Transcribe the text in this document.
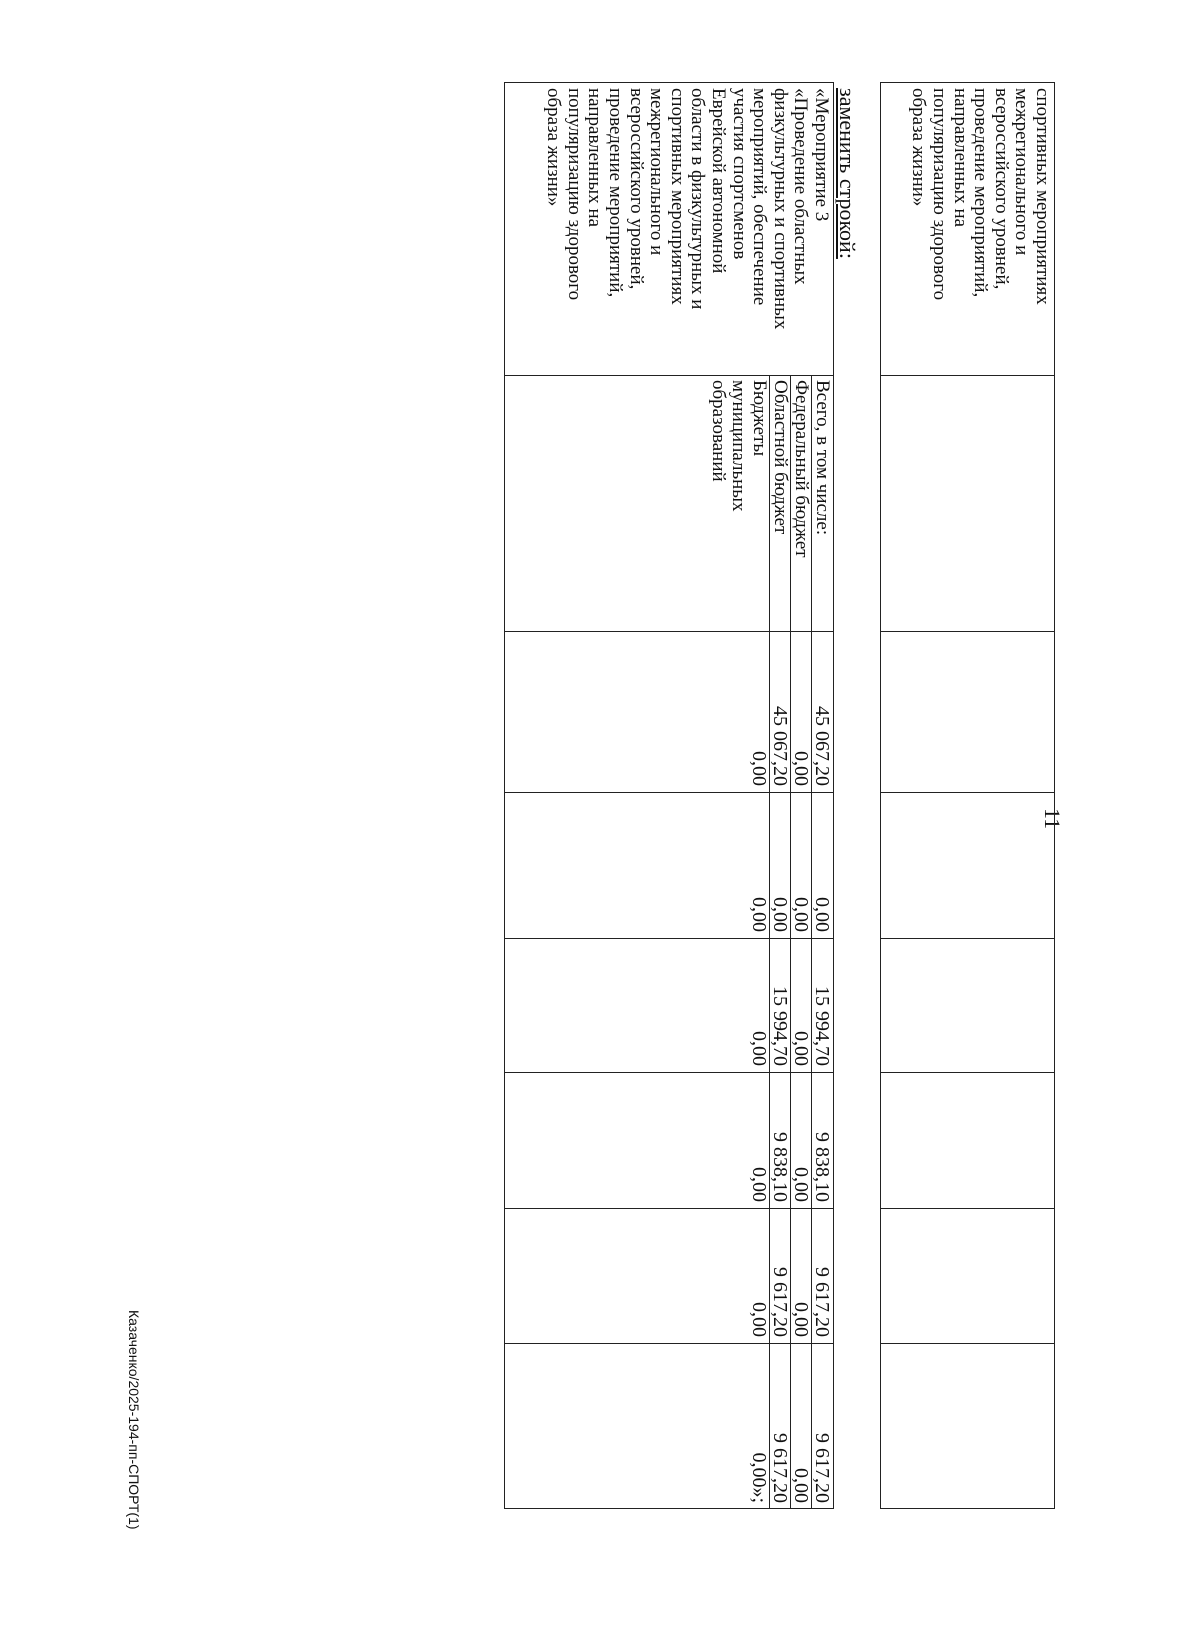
11
спортивных мероприятиях
межрегионального и
всероссийского уровней,
проведение мероприятий,
направленных на
популяризацию здорового
образа жизни»
заменить строкой:
«Мероприятие 3
«Проведение областных
физкультурных и спортивных
мероприятий, обеспечение
участия спортсменов
Еврейской автономной
области в физкультурных и
спортивных мероприятиях
межрегионального и
всероссийского уровней,
проведение мероприятий,
направленных на
популяризацию здорового
образа жизни»
Всего, в том числе:
Федеральный бюджет
Областной бюджет
Бюджеты
муниципальных
образований
45 067,20
0,00
15 994,70
9 838,10
9 617,20
9 617,20
0,00
0,00
0,00
0,00
0,00
0,00
45 067,20
0,00
15 994,70
9 838,10
9 617,20
9 617,20
0,00
0,00
0,00
0,00
0,00
0,00»;
Казаченко/2025-194-пп-СПОРТ(1)
